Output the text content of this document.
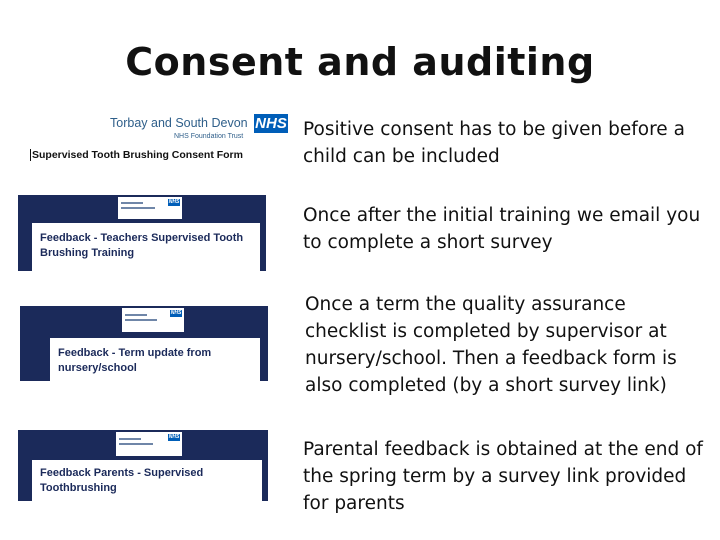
Consent and auditing
Torbay and South Devon
NHS Foundation Trust
NHS
Supervised Tooth Brushing Consent Form
NHS
Feedback - Teachers Supervised Tooth Brushing Training
NHS
Feedback - Term update from nursery/school
NHS
Feedback Parents - Supervised Toothbrushing
Positive consent has to be given before a child can be included
Once after the initial training we email you to complete a short survey
Once a term the quality assurance checklist is completed by supervisor at nursery/school. Then a feedback form is also completed (by a short survey link)
Parental feedback is obtained at the end of the spring term by a survey link provided for parents
